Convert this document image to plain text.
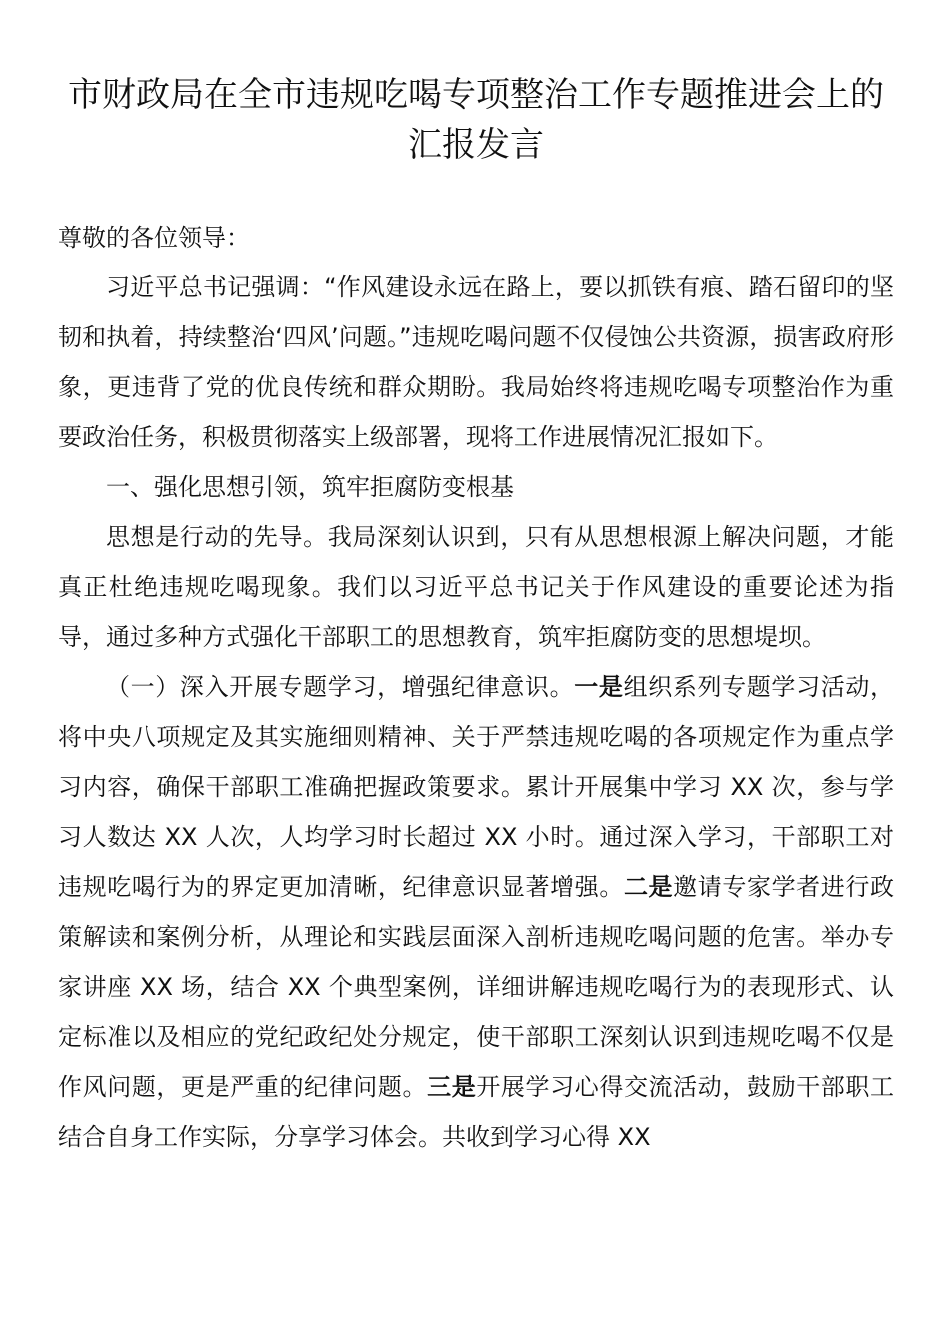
市财政局在全市违规吃喝专项整治工作专题推进会上的汇报发言
尊敬的各位领导：

习近平总书记强调：“作风建设永远在路上，要以抓铁有痕、踏石留印的坚韧和执着，持续整治‘四风’问题。”违规吃喝问题不仅侵蚀公共资源，损害政府形象，更违背了党的优良传统和群众期盼。我局始终将违规吃喝专项整治作为重要政治任务，积极贯彻落实上级部署，现将工作进展情况汇报如下。

一、强化思想引领，筑牢拒腐防变根基

思想是行动的先导。我局深刻认识到，只有从思想根源上解决问题，才能真正杜绝违规吃喝现象。我们以习近平总书记关于作风建设的重要论述为指导，通过多种方式强化干部职工的思想教育，筑牢拒腐防变的思想堤坝。

（一）深入开展专题学习，增强纪律意识。一是组织系列专题学习活动，将中央八项规定及其实施细则精神、关于严禁违规吃喝的各项规定作为重点学习内容，确保干部职工准确把握政策要求。累计开展集中学习 XX 次，参与学习人数达 XX 人次，人均学习时长超过 XX 小时。通过深入学习，干部职工对违规吃喝行为的界定更加清晰，纪律意识显著增强。二是邀请专家学者进行政策解读和案例分析，从理论和实践层面深入剖析违规吃喝问题的危害。举办专家讲座 XX 场，结合 XX 个典型案例，详细讲解违规吃喝行为的表现形式、认定标准以及相应的党纪政纪处分规定，使干部职工深刻认识到违规吃喝不仅是作风问题，更是严重的纪律问题。三是开展学习心得交流活动，鼓励干部职工结合自身工作实际，分享学习体会。共收到学习心得 XX
